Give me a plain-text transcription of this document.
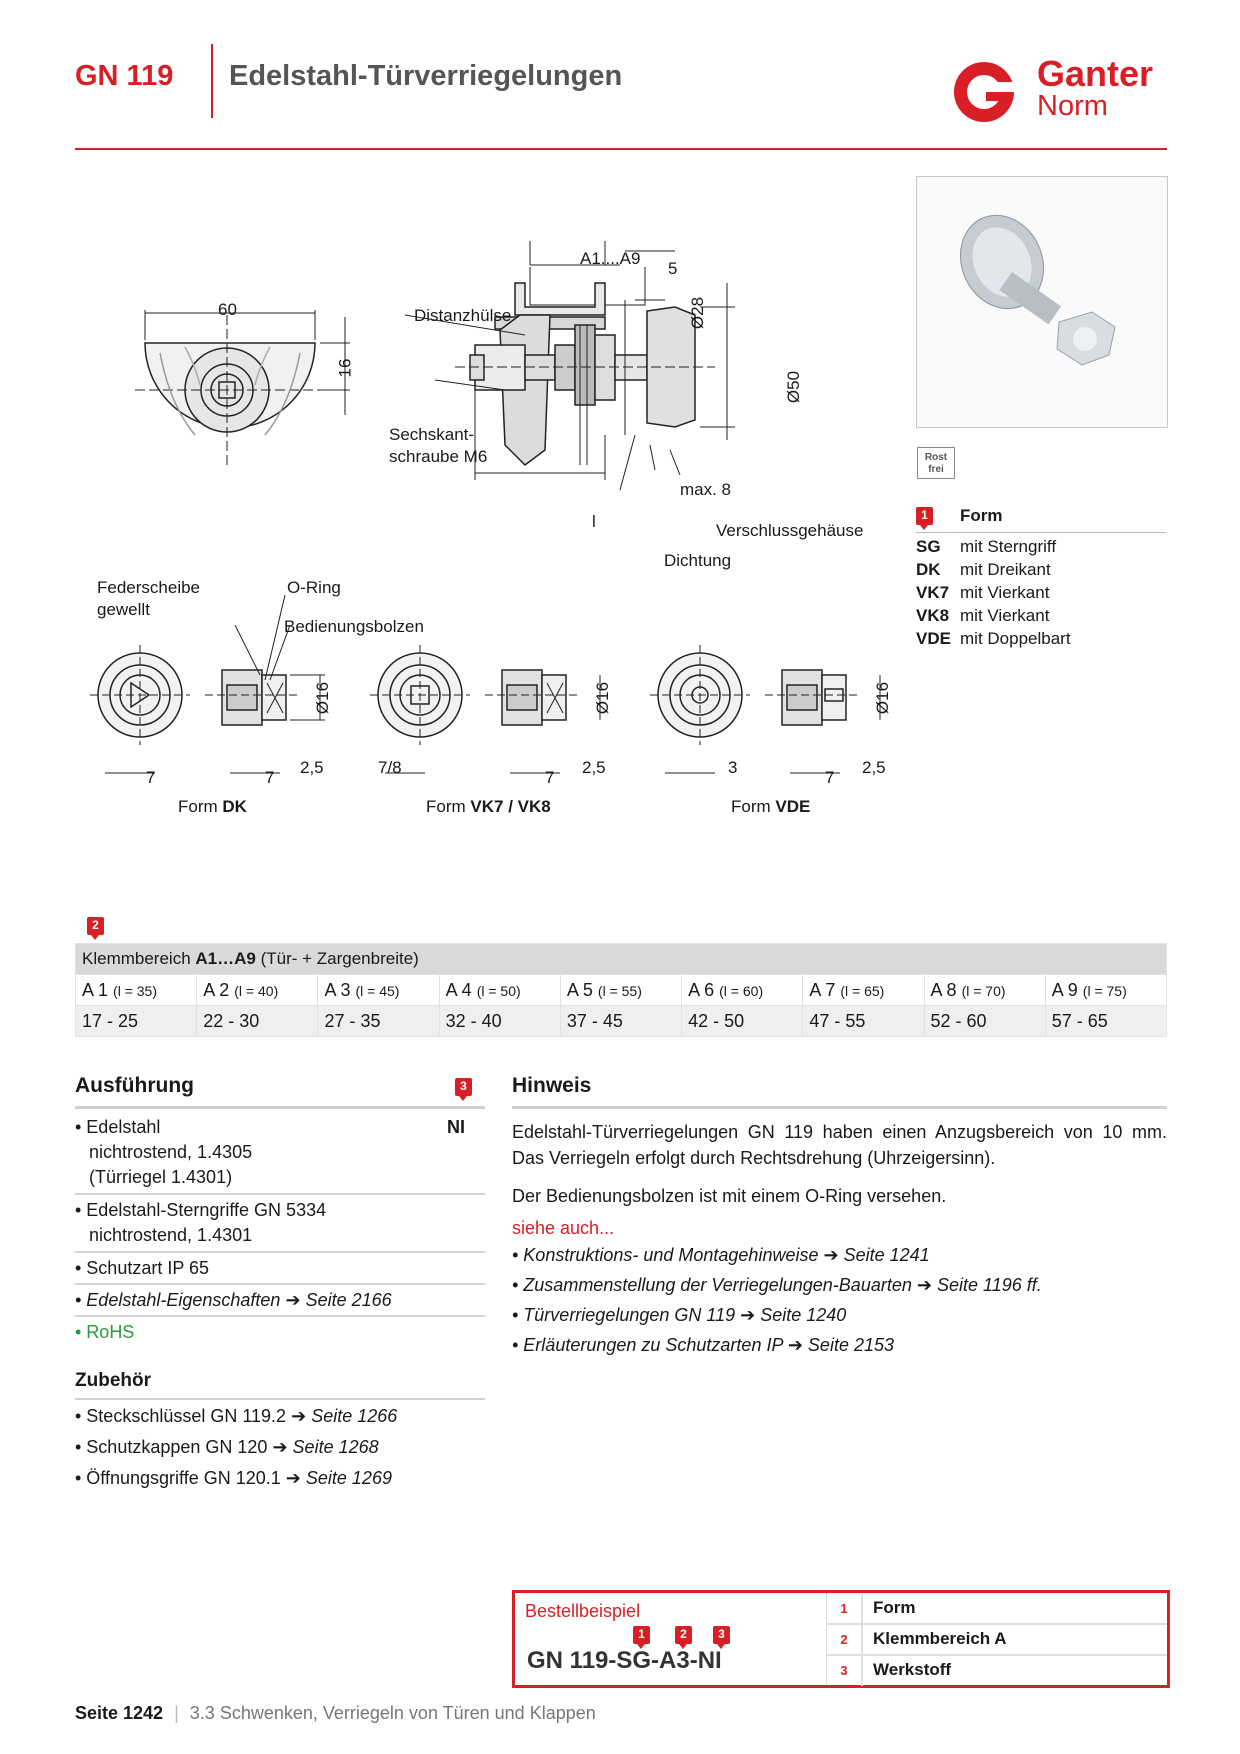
GN 119 Edelstahl-Türverriegelungen	Ganter
Norm
60
16
A1....A9
5
Ø28
Ø50
Distanzhülse
Sechskant-
schraube M6
max. 8
Verschlussgehäuse
Dichtung
l
Federscheibe
gewellt
O-Ring
Bedienungsbolzen
Ø16	Ø16	Ø16
7	7
2,5	7/8
7
2,5	3
7
2,5
Form DK	Form VK7 / VK8	Form VDE
Rost frei
1	Form
SG mit Sterngriff
DK mit Dreikant
VK7 mit Vierkant
VK8 mit Vierkant
VDE mit Doppelbart
2
Klemmbereich A1…A9 (Tür- + Zargenbreite)								
A 1 (l = 35)	A 2 (l = 40)	A 3 (l = 45)	A 4 (l = 50)	A 5 (l = 55)	A 6 (l = 60)	A 7 (l = 65)	A 8 (l = 70)	A 9 (l = 75)
17 - 25	22 - 30	27 - 35	32 - 40	37 - 45	42 - 50	47 - 55	52 - 60	57 - 65
Ausführung	3
• Edelstahl
nichtrostend, 1.4305
(Türriegel 1.4301)
NI
• Edelstahl-Sterngriffe GN 5334
nichtrostend, 1.4301
• Schutzart IP 65
• Edelstahl-Eigenschaften ➔ Seite 2166
• RoHS
Zubehör
• Steckschlüssel GN 119.2 ➔ Seite 1266
• Schutzkappen GN 120 ➔ Seite 1268
• Öffnungsgriffe GN 120.1 ➔ Seite 1269
Hinweis
Edelstahl-Türverriegelungen GN 119 haben einen Anzugsbereich von 10 mm. Das Verriegeln erfolgt durch Rechtsdrehung (Uhrzeigersinn).
Der Bedienungsbolzen ist mit einem O-Ring versehen.
siehe auch...
• Konstruktions- und Montagehinweise ➔ Seite 1241
• Zusammenstellung der Verriegelungen-Bauarten ➔ Seite 1196 ff.
• Türverriegelungen GN 119 ➔ Seite 1240
• Erläuterungen zu Schutzarten IP ➔ Seite 2153
Bestellbeispiel
1	2	3
GN 119-SG-A3-NI
1 Form
2 Klemmbereich A
3 Werkstoff
Seite 1242 | 3.3 Schwenken, Verriegeln von Türen und Klappen
